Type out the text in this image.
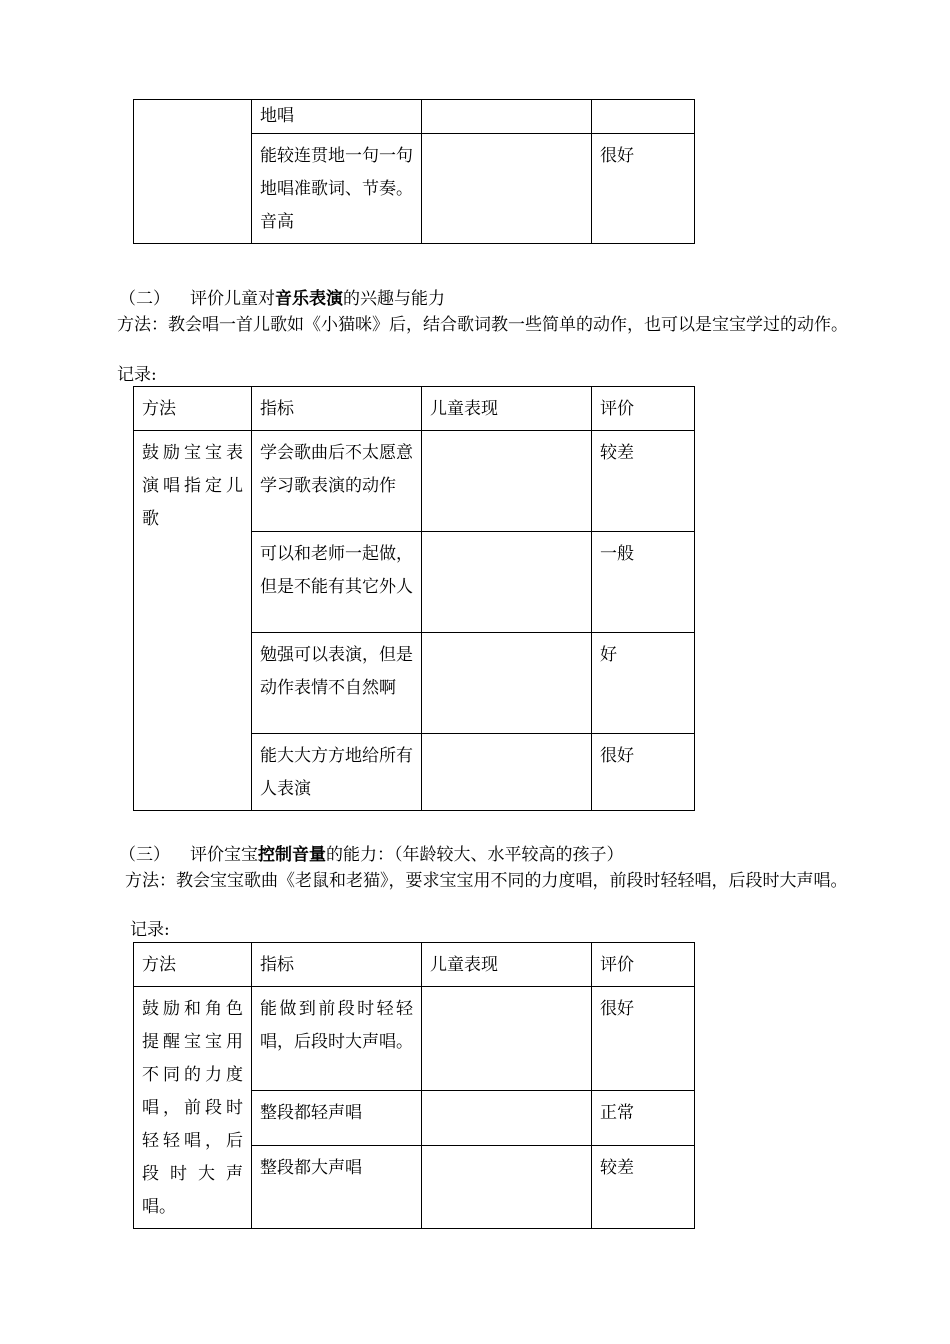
	地唱		
	能较连贯地一句一句地唱准歌词、节奏。音高		很好
（二） 评价儿童对音乐表演的兴趣与能力
方法：教会唱一首儿歌如《小猫咪》后，结合歌词教一些简单的动作，也可以是宝宝学过的动作。
记录:
方法	指标	儿童表现	评价
鼓励宝宝表演唱指定儿歌	学会歌曲后不太愿意学习歌表演的动作		较差
	可以和老师一起做，但是不能有其它外人		一般
	勉强可以表演，但是动作表情不自然啊		好
	能大大方方地给所有人表演		很好
（三） 评价宝宝控制音量的能力：（年龄较大、水平较高的孩子）
方法：教会宝宝歌曲《老鼠和老猫》，要求宝宝用不同的力度唱，前段时轻轻唱，后段时大声唱。
记录:
方法	指标	儿童表现	评价
鼓励和角色提醒宝宝用不同的力度唱，前段时轻轻唱，后段时大声唱。	能做到前段时轻轻唱，后段时大声唱。		很好
	整段都轻声唱		正常
	整段都大声唱		较差
